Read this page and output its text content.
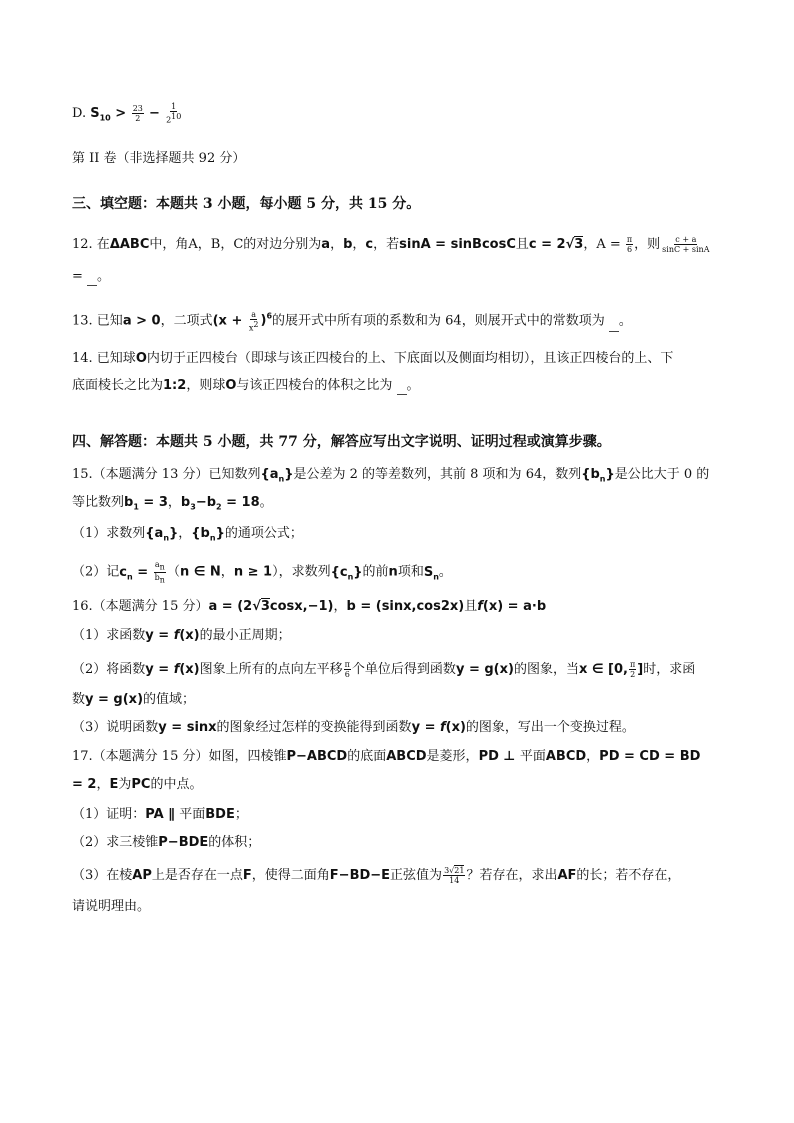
D. $S_{10} > \frac{23}{2} - \frac{1}{2^{10}}$
第 II 卷（非选择题共 92 分）
三、填空题：本题共 3 小题，每小题 5 分，共 15 分。
12. 在ΔABC中，角A，B，C的对边分别为a，b，c，若sinA = sinBcosC且c = 2√3，$A = \frac{\pi}{6}$ ，则 $\frac{c + a}{\sin C + \sin A}$
= 。
13. 已知a > 0，二项式$(x + \frac{a}{x^2} )^6$的展开式中所有项的系数和为 64，则展开式中的常数项为 。
14. 已知球O内切于正四棱台（即球与该正四棱台的上、下底面以及侧面均相切），且该正四棱台的上、下
底面棱长之比为1:2，则球O与该正四棱台的体积之比为 。
四、解答题：本题共 5 小题，共 77 分，解答应写出文字说明、证明过程或演算步骤。
15.（本题满分 13 分）已知数列$\{a_n\}$是公差为 2 的等差数列，其前 8 项和为 64，数列$\{b_n\}$是公比大于 0 的
等比数列$b_1 = 3$，$b_3-b_2 = 18$。
（1）求数列$\{a_n\}$，$\{b_n\}$的通项公式；
（2）记$c_n = \frac{a_n}{b_n} (n$ ∈ N，n ≥ 1），求数列$\{c_n\}$的前n项和$S_n$。
16.（本题满分 15 分）a = (2√3cosx,−1)，b = (sinx,cos2x)且f(x) = a·b
（1）求函数y = f(x)的最小正周期；
（2）将函数y = f(x)图象上所有的点向左平移 $\frac{\pi}{6}$ 个单位后得到函数y = g(x)的图象，当x ∈ [0, $\frac{\pi}{2}$ ]时，求函
数y = g(x)的值域；
（3）说明函数y = sinx的图象经过怎样的变换能得到函数y = f(x)的图象，写出一个变换过程。
17.（本题满分 15 分）如图，四棱锥P−ABCD的底面ABCD是菱形，PD ⊥ 平面ABCD，PD = CD = BD
= 2，E为PC的中点。
（1）证明：PA ∥ 平面BDE；
（2）求三棱锥P−BDE的体积；
（3）在棱AP上是否存在一点F，使得二面角F−BD−E正弦值为 $\frac{3√21}{14}$ ？若存在，求出AF的长；若不存在，
请说明理由。
